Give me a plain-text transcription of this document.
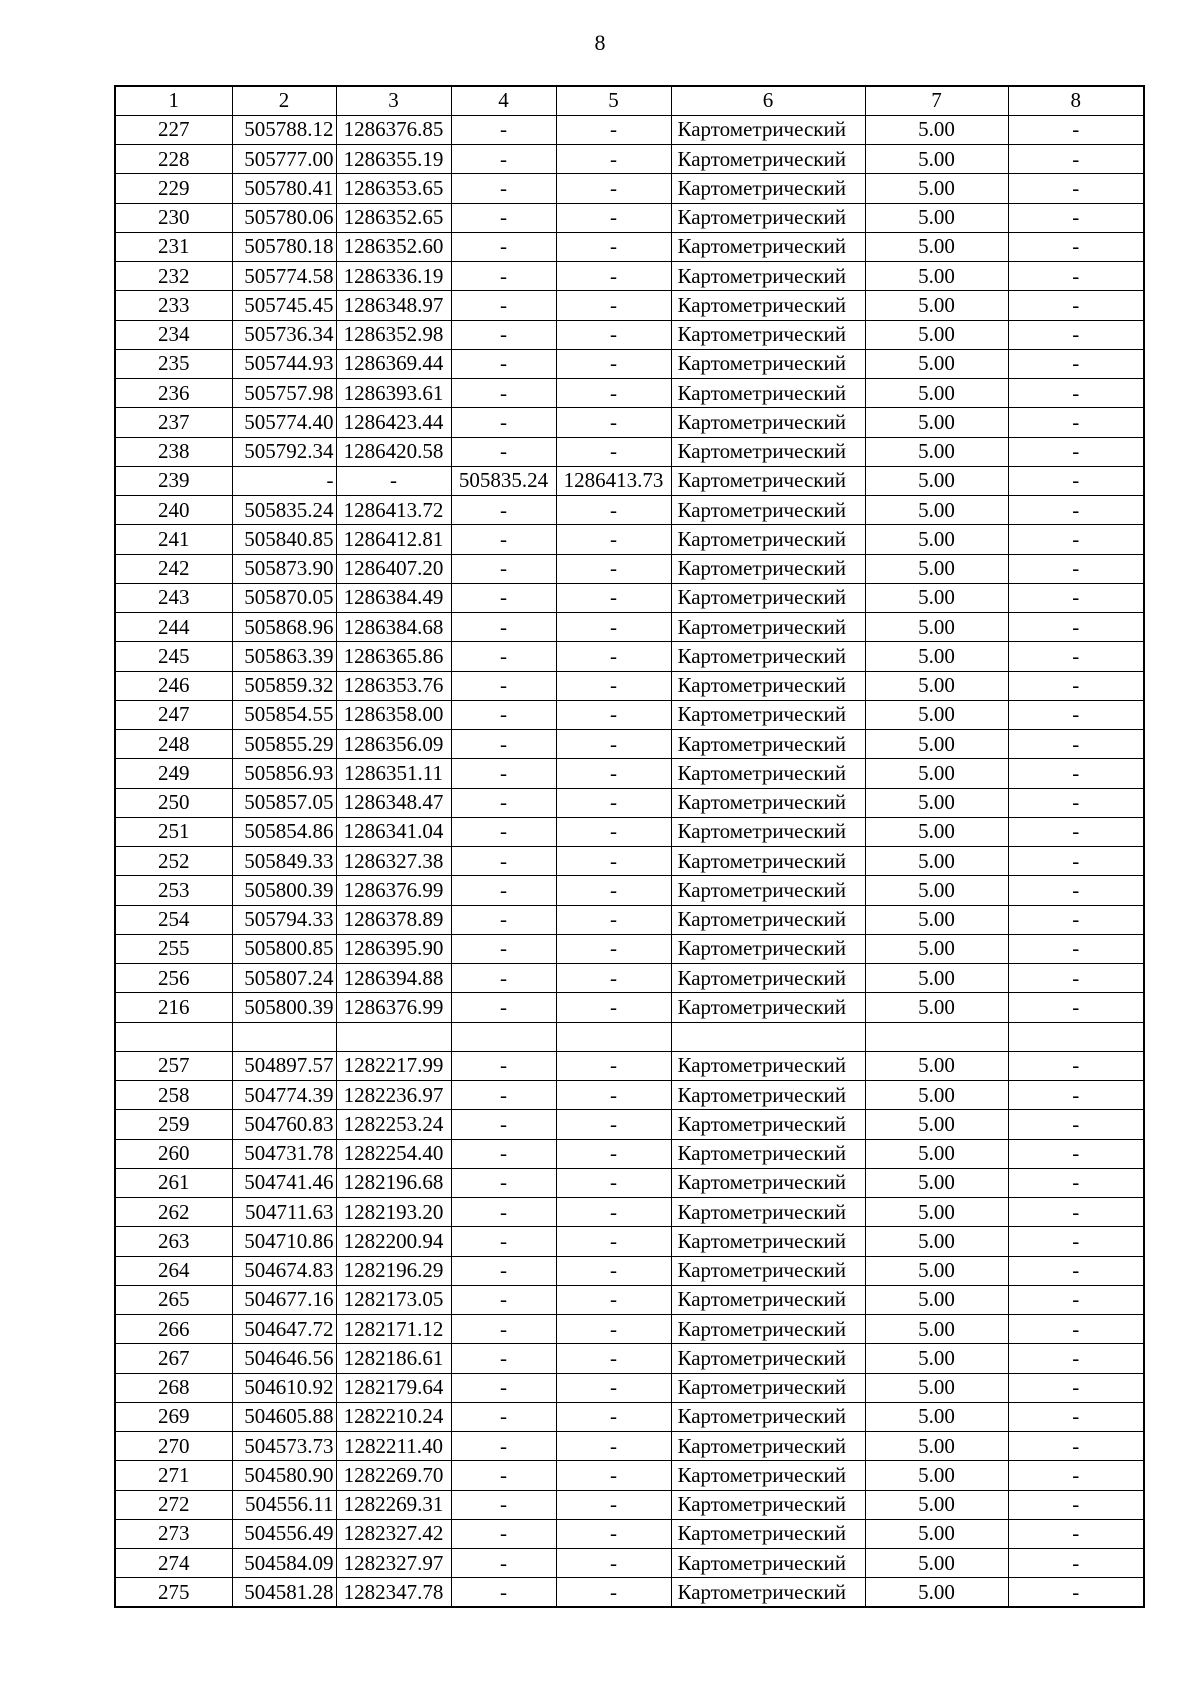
8
1	2	3	4	5	6	7	8
227	505788.12	1286376.85	-	-	Картометрический	5.00	-
228	505777.00	1286355.19	-	-	Картометрический	5.00	-
229	505780.41	1286353.65	-	-	Картометрический	5.00	-
230	505780.06	1286352.65	-	-	Картометрический	5.00	-
231	505780.18	1286352.60	-	-	Картометрический	5.00	-
232	505774.58	1286336.19	-	-	Картометрический	5.00	-
233	505745.45	1286348.97	-	-	Картометрический	5.00	-
234	505736.34	1286352.98	-	-	Картометрический	5.00	-
235	505744.93	1286369.44	-	-	Картометрический	5.00	-
236	505757.98	1286393.61	-	-	Картометрический	5.00	-
237	505774.40	1286423.44	-	-	Картометрический	5.00	-
238	505792.34	1286420.58	-	-	Картометрический	5.00	-
239	-	-	505835.24	1286413.73	Картометрический	5.00	-
240	505835.24	1286413.72	-	-	Картометрический	5.00	-
241	505840.85	1286412.81	-	-	Картометрический	5.00	-
242	505873.90	1286407.20	-	-	Картометрический	5.00	-
243	505870.05	1286384.49	-	-	Картометрический	5.00	-
244	505868.96	1286384.68	-	-	Картометрический	5.00	-
245	505863.39	1286365.86	-	-	Картометрический	5.00	-
246	505859.32	1286353.76	-	-	Картометрический	5.00	-
247	505854.55	1286358.00	-	-	Картометрический	5.00	-
248	505855.29	1286356.09	-	-	Картометрический	5.00	-
249	505856.93	1286351.11	-	-	Картометрический	5.00	-
250	505857.05	1286348.47	-	-	Картометрический	5.00	-
251	505854.86	1286341.04	-	-	Картометрический	5.00	-
252	505849.33	1286327.38	-	-	Картометрический	5.00	-
253	505800.39	1286376.99	-	-	Картометрический	5.00	-
254	505794.33	1286378.89	-	-	Картометрический	5.00	-
255	505800.85	1286395.90	-	-	Картометрический	5.00	-
256	505807.24	1286394.88	-	-	Картометрический	5.00	-
216	505800.39	1286376.99	-	-	Картометрический	5.00	-

257	504897.57	1282217.99	-	-	Картометрический	5.00	-
258	504774.39	1282236.97	-	-	Картометрический	5.00	-
259	504760.83	1282253.24	-	-	Картометрический	5.00	-
260	504731.78	1282254.40	-	-	Картометрический	5.00	-
261	504741.46	1282196.68	-	-	Картометрический	5.00	-
262	504711.63	1282193.20	-	-	Картометрический	5.00	-
263	504710.86	1282200.94	-	-	Картометрический	5.00	-
264	504674.83	1282196.29	-	-	Картометрический	5.00	-
265	504677.16	1282173.05	-	-	Картометрический	5.00	-
266	504647.72	1282171.12	-	-	Картометрический	5.00	-
267	504646.56	1282186.61	-	-	Картометрический	5.00	-
268	504610.92	1282179.64	-	-	Картометрический	5.00	-
269	504605.88	1282210.24	-	-	Картометрический	5.00	-
270	504573.73	1282211.40	-	-	Картометрический	5.00	-
271	504580.90	1282269.70	-	-	Картометрический	5.00	-
272	504556.11	1282269.31	-	-	Картометрический	5.00	-
273	504556.49	1282327.42	-	-	Картометрический	5.00	-
274	504584.09	1282327.97	-	-	Картометрический	5.00	-
275	504581.28	1282347.78	-	-	Картометрический	5.00	-
